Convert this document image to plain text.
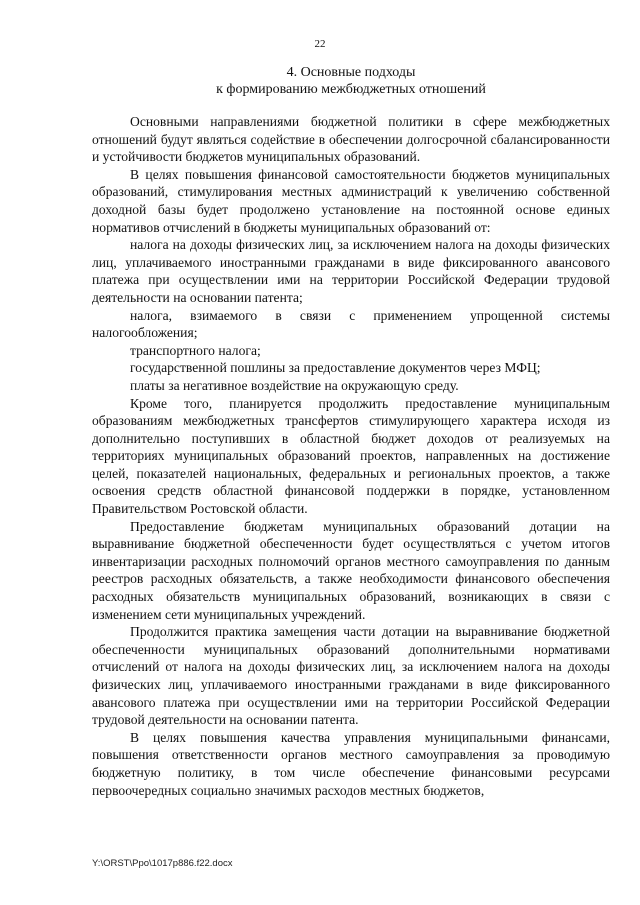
22
4. Основные подходы
к формированию межбюджетных отношений

Основными направлениями бюджетной политики в сфере межбюджетных отношений будут являться содействие в обеспечении долгосрочной сбалансированности и устойчивости бюджетов муниципальных образований.

В целях повышения финансовой самостоятельности бюджетов муниципальных образований, стимулирования местных администраций к увеличению собственной доходной базы будет продолжено установление на постоянной основе единых нормативов отчислений в бюджеты муниципальных образований от:

налога на доходы физических лиц, за исключением налога на доходы физических лиц, уплачиваемого иностранными гражданами в виде фиксированного авансового платежа при осуществлении ими на территории Российской Федерации трудовой деятельности на основании патента;

налога, взимаемого в связи с применением упрощенной системы налогообложения;

транспортного налога;

государственной пошлины за предоставление документов через МФЦ;

платы за негативное воздействие на окружающую среду.

Кроме того, планируется продолжить предоставление муниципальным образованиям межбюджетных трансфертов стимулирующего характера исходя из дополнительно поступивших в областной бюджет доходов от реализуемых на территориях муниципальных образований проектов, направленных на достижение целей, показателей национальных, федеральных и региональных проектов, а также освоения средств областной финансовой поддержки в порядке, установленном Правительством Ростовской области.

Предоставление бюджетам муниципальных образований дотации на выравнивание бюджетной обеспеченности будет осуществляться с учетом итогов инвентаризации расходных полномочий органов местного самоуправления по данным реестров расходных обязательств, а также необходимости финансового обеспечения расходных обязательств муниципальных образований, возникающих в связи с изменением сети муниципальных учреждений.

Продолжится практика замещения части дотации на выравнивание бюджетной обеспеченности муниципальных образований дополнительными нормативами отчислений от налога на доходы физических лиц, за исключением налога на доходы физических лиц, уплачиваемого иностранными гражданами в виде фиксированного авансового платежа при осуществлении ими на территории Российской Федерации трудовой деятельности на основании патента.

В целях повышения качества управления муниципальными финансами, повышения ответственности органов местного самоуправления за проводимую бюджетную политику, в том числе обеспечение финансовыми ресурсами первоочередных социально значимых расходов местных бюджетов,

Y:\ORST\Ppo\1017p886.f22.docx
